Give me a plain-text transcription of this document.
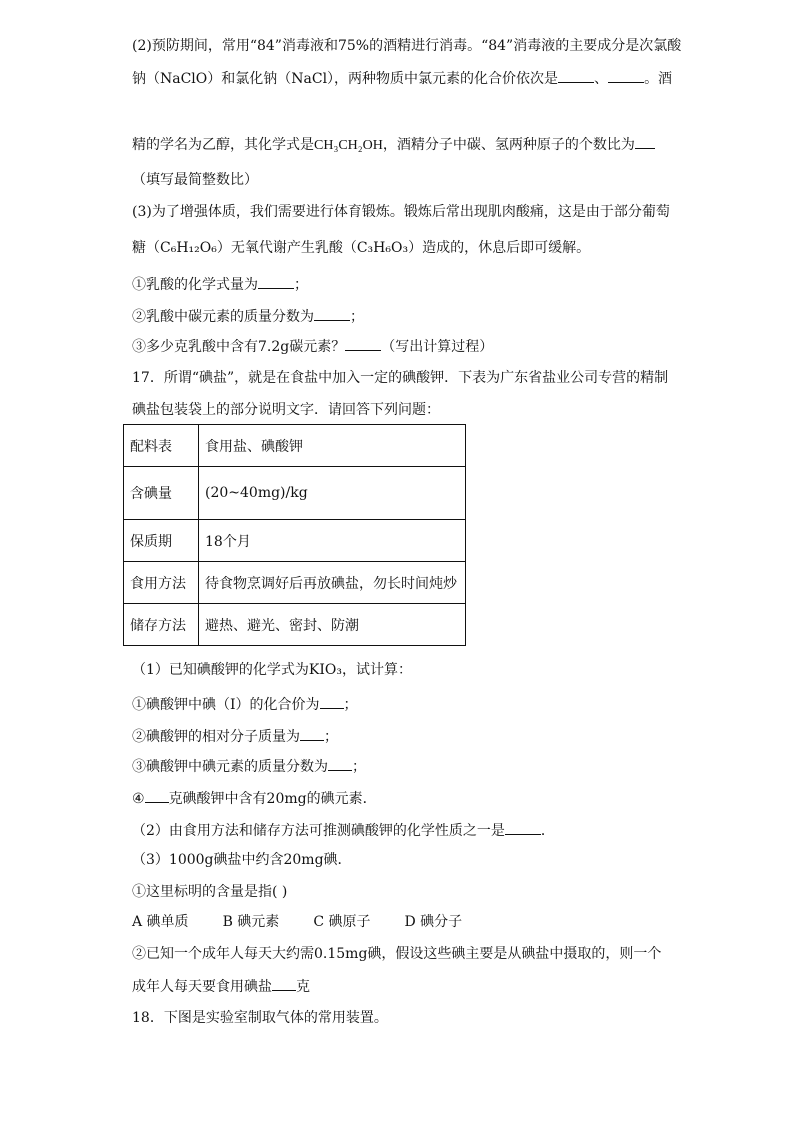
(2)预防期间，常用“84”消毒液和75%的酒精进行消毒。“84”消毒液的主要成分是次氯酸
钠（NaClO）和氯化钠（NaCl），两种物质中氯元素的化合价依次是	、	。酒
精的学名为乙醇，其化学式是CH₃CH₂OH，酒精分子中碳、氢两种原子的个数比为
（填写最简整数比）
(3)为了增强体质，我们需要进行体育锻炼。锻炼后常出现肌肉酸痛，这是由于部分葡萄
糖（C₆H₁₂O₆）无氧代谢产生乳酸（C₃H₆O₃）造成的，休息后即可缓解。
①乳酸的化学式量为	；
②乳酸中碳元素的质量分数为	；
③多少克乳酸中含有7.2g碳元素？	（写出计算过程）
17．所谓“碘盐”，就是在食盐中加入一定的碘酸钾．下表为广东省盐业公司专营的精制
碘盐包装袋上的部分说明文字．请回答下列问题：
配料表	食用盐、碘酸钾
含碘量	(20~40mg)/kg
保质期	18个月
食用方法	待食物烹调好后再放碘盐，勿长时间炖炒
储存方法	避热、避光、密封、防潮
（1）已知碘酸钾的化学式为KIO₃，试计算：
①碘酸钾中碘（I）的化合价为 ；
②碘酸钾的相对分子质量为 ；
③碘酸钾中碘元素的质量分数为 ；
④ 克碘酸钾中含有20mg的碘元素．
（2）由食用方法和储存方法可推测碘酸钾的化学性质之一是	．
（3）1000g碘盐中约含20mg碘．
①这里标明的含量是指( )
A 碘单质 B 碘元素 C 碘原子 D 碘分子
②已知一个成年人每天大约需0.15mg碘，假设这些碘主要是从碘盐中摄取的，则一个
成年人每天要食用碘盐 克
18．下图是实验室制取气体的常用装置。
